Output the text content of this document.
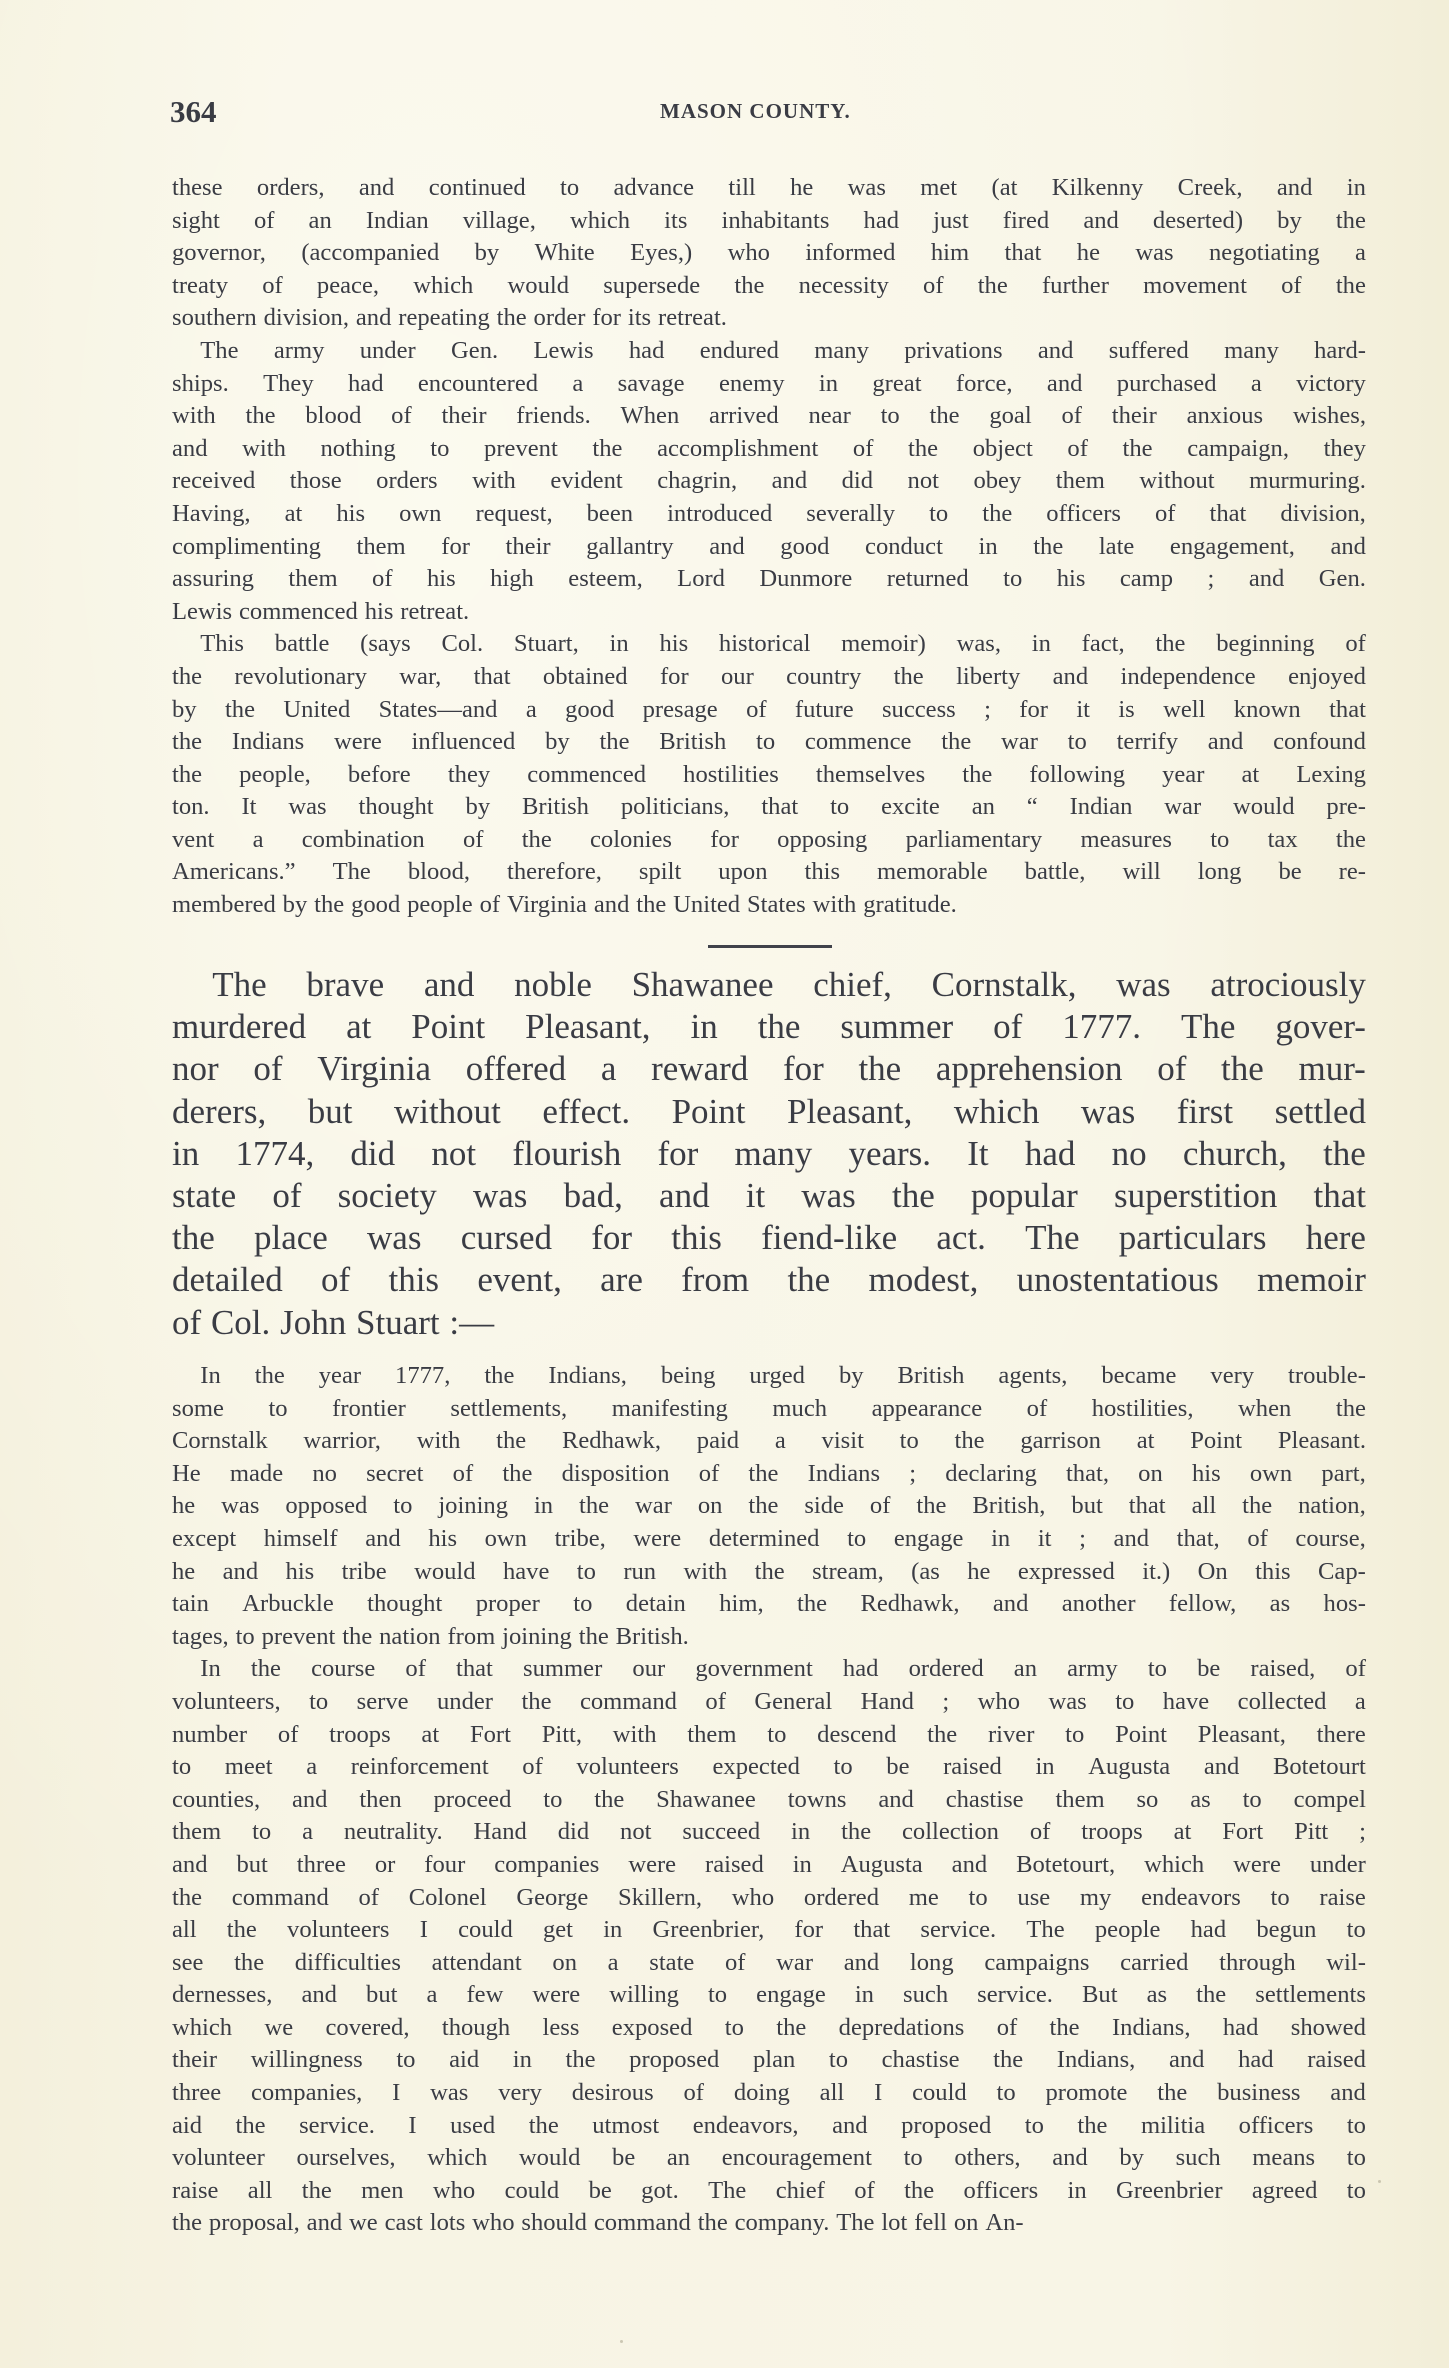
364	MASON COUNTY.
these orders, and continued to advance till he was met (at Kilkenny Creek, and in
sight of an Indian village, which its inhabitants had just fired and deserted) by the
governor, (accompanied by White Eyes,) who informed him that he was negotiating a
treaty of peace, which would supersede the necessity of the further movement of the
southern division, and repeating the order for its retreat.
The army under Gen. Lewis had endured many privations and suffered many hard-
ships. They had encountered a savage enemy in great force, and purchased a victory
with the blood of their friends. When arrived near to the goal of their anxious wishes,
and with nothing to prevent the accomplishment of the object of the campaign, they
received those orders with evident chagrin, and did not obey them without murmuring.
Having, at his own request, been introduced severally to the officers of that division,
complimenting them for their gallantry and good conduct in the late engagement, and
assuring them of his high esteem, Lord Dunmore returned to his camp ; and Gen.
Lewis commenced his retreat.
This battle (says Col. Stuart, in his historical memoir) was, in fact, the beginning of
the revolutionary war, that obtained for our country the liberty and independence enjoyed
by the United States—and a good presage of future success ; for it is well known that
the Indians were influenced by the British to commence the war to terrify and confound
the people, before they commenced hostilities themselves the following year at Lexing
ton. It was thought by British politicians, that to excite an “ Indian war would pre-
vent a combination of the colonies for opposing parliamentary measures to tax the
Americans.” The blood, therefore, spilt upon this memorable battle, will long be re-
membered by the good people of Virginia and the United States with gratitude.
The brave and noble Shawanee chief, Cornstalk, was atrociously
murdered at Point Pleasant, in the summer of 1777. The gover-
nor of Virginia offered a reward for the apprehension of the mur-
derers, but without effect. Point Pleasant, which was first settled
in 1774, did not flourish for many years. It had no church, the
state of society was bad, and it was the popular superstition that
the place was cursed for this fiend-like act. The particulars here
detailed of this event, are from the modest, unostentatious memoir
of Col. John Stuart :—
In the year 1777, the Indians, being urged by British agents, became very trouble-
some to frontier settlements, manifesting much appearance of hostilities, when the
Cornstalk warrior, with the Redhawk, paid a visit to the garrison at Point Pleasant.
He made no secret of the disposition of the Indians ; declaring that, on his own part,
he was opposed to joining in the war on the side of the British, but that all the nation,
except himself and his own tribe, were determined to engage in it ; and that, of course,
he and his tribe would have to run with the stream, (as he expressed it.) On this Cap-
tain Arbuckle thought proper to detain him, the Redhawk, and another fellow, as hos-
tages, to prevent the nation from joining the British.
In the course of that summer our government had ordered an army to be raised, of
volunteers, to serve under the command of General Hand ; who was to have collected a
number of troops at Fort Pitt, with them to descend the river to Point Pleasant, there
to meet a reinforcement of volunteers expected to be raised in Augusta and Botetourt
counties, and then proceed to the Shawanee towns and chastise them so as to compel
them to a neutrality. Hand did not succeed in the collection of troops at Fort Pitt ;
and but three or four companies were raised in Augusta and Botetourt, which were under
the command of Colonel George Skillern, who ordered me to use my endeavors to raise
all the volunteers I could get in Greenbrier, for that service. The people had begun to
see the difficulties attendant on a state of war and long campaigns carried through wil-
dernesses, and but a few were willing to engage in such service. But as the settlements
which we covered, though less exposed to the depredations of the Indians, had showed
their willingness to aid in the proposed plan to chastise the Indians, and had raised
three companies, I was very desirous of doing all I could to promote the business and
aid the service. I used the utmost endeavors, and proposed to the militia officers to
volunteer ourselves, which would be an encouragement to others, and by such means to
raise all the men who could be got. The chief of the officers in Greenbrier agreed to
the proposal, and we cast lots who should command the company. The lot fell on An-
